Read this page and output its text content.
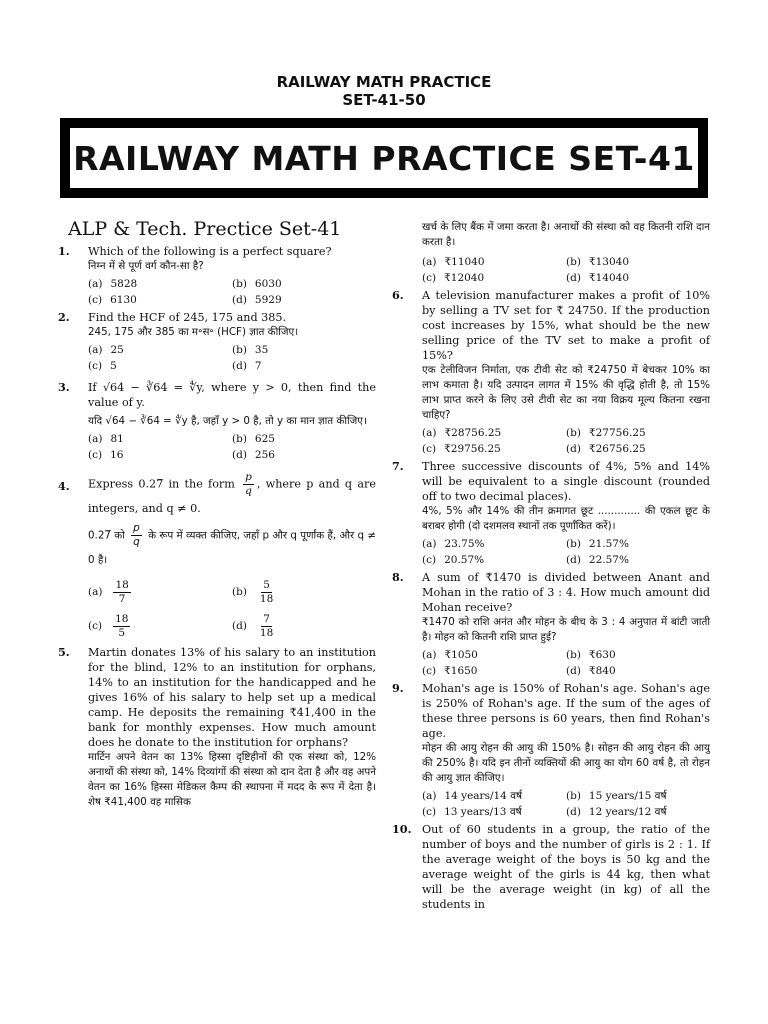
RAILWAY MATH PRACTICE
SET-41-50
RAILWAY MATH PRACTICE SET-41
ALP & Tech. Prectice Set-41
1. Which of the following is a perfect square?
निम्न में से पूर्ण वर्ग कौन-सा है?
(a) 5828	(b) 6030
(c) 6130	(d) 5929
2. Find the HCF of 245, 175 and 385.
245, 175 और 385 का म॰स॰ (HCF) ज्ञात कीजिए।
(a) 25	(b) 35
(c) 5	(d) 7
3. If √64 − ∛64 = ∜y, where y > 0, then find the value of y.
यदि √64 − ∛64 = ∜y है, जहाँ y > 0 है, तो y का मान ज्ञात कीजिए।
(a) 81	(b) 625
(c) 16	(d) 256
4. Express 0.27̅ in the form $\frac{p}{q}$ , where p and q are integers, and q ≠ 0.
0.27̅ को $\frac{p}{q}$ के रूप में व्यक्त कीजिए, जहाँ p और q पूर्णांक हैं, और q ≠ 0 है।
$(a) \frac{18}{7}$	$(b) \frac{5}{18}$
$(c) \frac{18}{5}$	$(d) \frac{7}{18}$
5. Martin donates 13% of his salary to an institution for the blind, 12% to an institution for orphans, 14% to an institution for the handicapped and he gives 16% of his salary to help set up a medical camp. He deposits the remaining ₹41,400 in the bank for monthly expenses. How much amount does he donate to the institution for orphans?
मार्टिन अपने वेतन का 13% हिस्सा दृष्टिहीनों की एक संस्था को, 12% अनाथों की संस्था को, 14% दिव्यांगों की संस्था को दान देता है और वह अपने वेतन का 16% हिस्सा मेडिकल कैम्प की स्थापना में मदद के रूप में देता है। शेष ₹41,400 वह मासिक
खर्च के लिए बैंक में जमा करता है। अनाथों की संस्था को वह कितनी राशि दान करता है।
(a) ₹11040	(b) ₹13040
(c) ₹12040	(d) ₹14040
6. A television manufacturer makes a profit of 10% by selling a TV set for ₹ 24750. If the production cost increases by 15%, what should be the new selling price of the TV set to make a profit of 15%?
एक टेलीविजन निर्माता, एक टीवी सेट को ₹24750 में बेचकर 10% का लाभ कमाता है। यदि उत्पादन लागत में 15% की वृद्धि होती है, तो 15% लाभ प्राप्त करने के लिए उसे टीवी सेट का नया विक्रय मूल्य कितना रखना चाहिए?
(a) ₹28756.25	(b) ₹27756.25
(c) ₹29756.25	(d) ₹26756.25
7. Three successive discounts of 4%, 5% and 14% will be equivalent to a single discount (rounded off to two decimal places).
4%, 5% और 14% की तीन क्रमागत छूट ............. की एकल छूट के बराबर होगी (दो दशमलव स्थानों तक पूर्णांकित करें)।
(a) 23.75%	(b) 21.57%
(c) 20.57%	(d) 22.57%
8. A sum of ₹1470 is divided between Anant and Mohan in the ratio of 3 : 4. How much amount did Mohan receive?
₹1470 को राशि अनंत और मोहन के बीच के 3 : 4 अनुपात में बांटी जाती है। मोहन को कितनी राशि प्राप्त हुई?
(a) ₹1050	(b) ₹630
(c) ₹1650	(d) ₹840
9. Mohan's age is 150% of Rohan's age. Sohan's age is 250% of Rohan's age. If the sum of the ages of these three persons is 60 years, then find Rohan's age.
मोहन की आयु रोहन की आयु की 150% है। सोहन की आयु रोहन की आयु की 250% है। यदि इन तीनों व्यक्तियों की आयु का योग 60 वर्ष है, तो रोहन की आयु ज्ञात कीजिए।
(a) 14 years/14 वर्ष	(b) 15 years/15 वर्ष
(c) 13 years/13 वर्ष	(d) 12 years/12 वर्ष
10. Out of 60 students in a group, the ratio of the number of boys and the number of girls is 2 : 1. If the average weight of the boys is 50 kg and the average weight of the girls is 44 kg, then what will be the average weight (in kg) of all the students in
